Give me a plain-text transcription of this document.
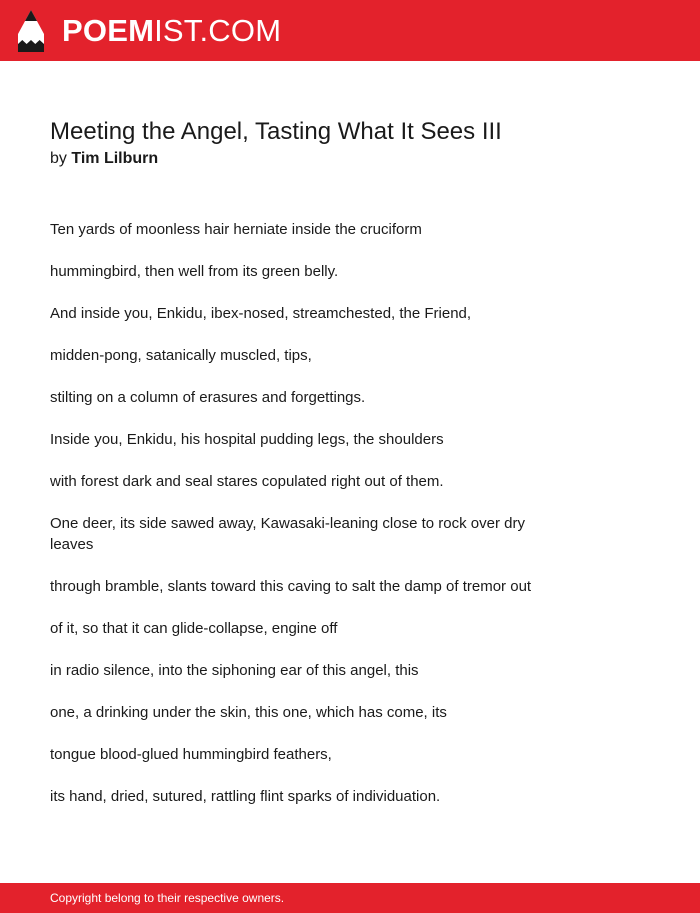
POEMIST.COM
Meeting the Angel, Tasting What It Sees III
by Tim Lilburn
Ten yards of moonless hair herniate inside the cruciform
hummingbird, then well from its green belly.
And inside you, Enkidu, ibex-nosed, streamchested, the Friend,
midden-pong, satanically muscled, tips,
stilting on a column of erasures and forgettings.
Inside you, Enkidu, his hospital pudding legs, the shoulders
with forest dark and seal stares copulated right out of them.
One deer, its side sawed away, Kawasaki-leaning close to rock over dry leaves
through bramble, slants toward this caving to salt the damp of tremor out
of it, so that it can glide-collapse, engine off
in radio silence, into the siphoning ear of this angel, this
one, a drinking under the skin, this one, which has come, its
tongue blood-glued hummingbird feathers,
its hand, dried, sutured, rattling flint sparks of individuation.
Copyright belong to their respective owners.
